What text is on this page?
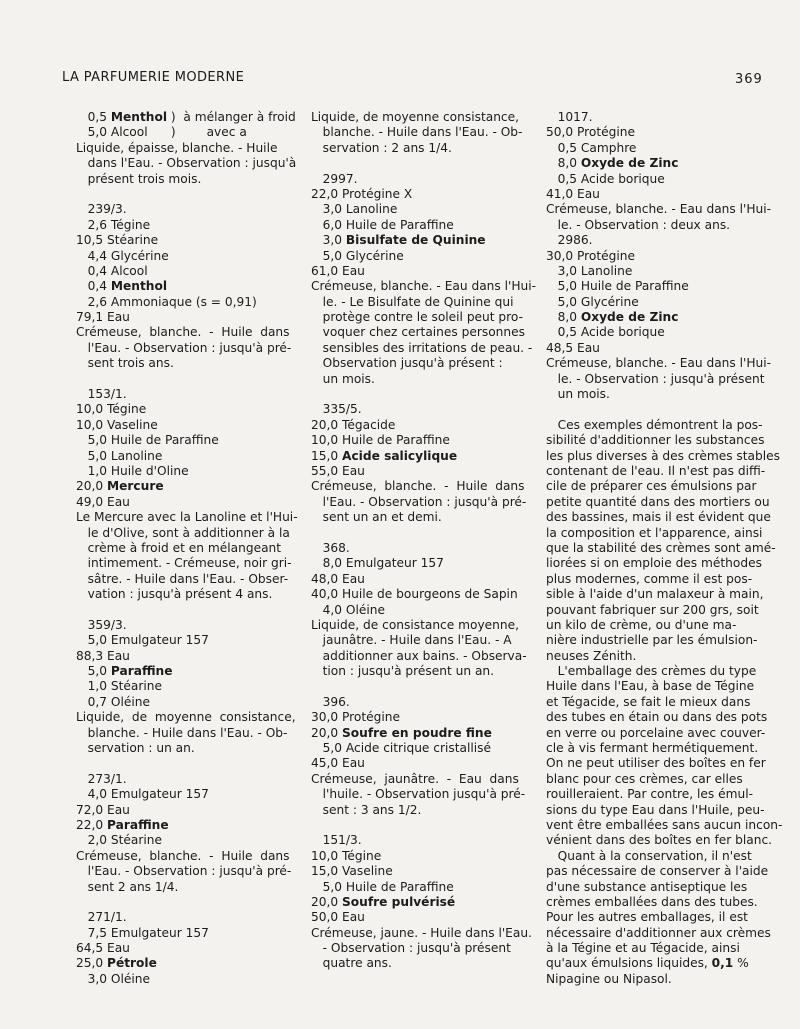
LA PARFUMERIE MODERNE	369
0,5 Menthol )  à mélanger à froid
5,0 Alcool      )        avec a
Liquide, épaisse, blanche. - Huile
dans l'Eau. - Observation : jusqu'à
présent trois mois.
239/3.
2,6 Tégine
10,5 Stéarine
4,4 Glycérine
0,4 Alcool
0,4 Menthol
2,6 Ammoniaque (s = 0,91)
79,1 Eau
Crémeuse,  blanche.  -  Huile  dans
l'Eau. - Observation : jusqu'à pré-
sent trois ans.
153/1.
10,0 Tégine
10,0 Vaseline
5,0 Huile de Paraffine
5,0 Lanoline
1,0 Huile d'Oline
20,0 Mercure
49,0 Eau
Le Mercure avec la Lanoline et l'Hui-
le d'Olive, sont à additionner à la
crème à froid et en mélangeant
intimement. - Crémeuse, noir gri-
sâtre. - Huile dans l'Eau. - Obser-
vation : jusqu'à présent 4 ans.
359/3.
5,0 Emulgateur 157
88,3 Eau
5,0 Paraffine
1,0 Stéarine
0,7 Oléine
Liquide,  de  moyenne  consistance,
blanche. - Huile dans l'Eau. - Ob-
servation : un an.
273/1.
4,0 Emulgateur 157
72,0 Eau
22,0 Paraffine
2,0 Stéarine
Crémeuse,  blanche.  -  Huile  dans
l'Eau. - Observation : jusqu'à pré-
sent 2 ans 1/4.
271/1.
7,5 Emulgateur 157
64,5 Eau
25,0 Pétrole
3,0 Oléine
Liquide, de moyenne consistance,
blanche. - Huile dans l'Eau. - Ob-
servation : 2 ans 1/4.
2997.
22,0 Protégine X
3,0 Lanoline
6,0 Huile de Paraffine
3,0 Bisulfate de Quinine
5,0 Glycérine
61,0 Eau
Crémeuse, blanche. - Eau dans l'Hui-
le. - Le Bisulfate de Quinine qui
protège contre le soleil peut pro-
voquer chez certaines personnes
sensibles des irritations de peau. -
Observation jusqu'à présent :
un mois.
335/5.
20,0 Tégacide
10,0 Huile de Paraffine
15,0 Acide salicylique
55,0 Eau
Crémeuse,  blanche.  -  Huile  dans
l'Eau. - Observation : jusqu'à pré-
sent un an et demi.
368.
8,0 Emulgateur 157
48,0 Eau
40,0 Huile de bourgeons de Sapin
4,0 Oléine
Liquide, de consistance moyenne,
jaunâtre. - Huile dans l'Eau. - A
additionner aux bains. - Observa-
tion : jusqu'à présent un an.
396.
30,0 Protégine
20,0 Soufre en poudre fine
5,0 Acide citrique cristallisé
45,0 Eau
Crémeuse,  jaunâtre.  -  Eau  dans
l'huile. - Observation jusqu'à pré-
sent : 3 ans 1/2.
151/3.
10,0 Tégine
15,0 Vaseline
5,0 Huile de Paraffine
20,0 Soufre pulvérisé
50,0 Eau
Crémeuse, jaune. - Huile dans l'Eau.
- Observation : jusqu'à présent
quatre ans.
1017.
50,0 Protégine
0,5 Camphre
8,0 Oxyde de Zinc
0,5 Acide borique
41,0 Eau
Crémeuse, blanche. - Eau dans l'Hui-
le. - Observation : deux ans.
2986.
30,0 Protégine
3,0 Lanoline
5,0 Huile de Paraffine
5,0 Glycérine
8,0 Oxyde de Zinc
0,5 Acide borique
48,5 Eau
Crémeuse, blanche. - Eau dans l'Hui-
le. - Observation : jusqu'à présent
un mois.
Ces exemples démontrent la pos-
sibilité d'additionner les substances
les plus diverses à des crèmes stables
contenant de l'eau. Il n'est pas diffi-
cile de préparer ces émulsions par
petite quantité dans des mortiers ou
des bassines, mais il est évident que
la composition et l'apparence, ainsi
que la stabilité des crèmes sont amé-
liorées si on emploie des méthodes
plus modernes, comme il est pos-
sible à l'aide d'un malaxeur à main,
pouvant fabriquer sur 200 grs, soit
un kilo de crème, ou d'une ma-
nière industrielle par les émulsion-
neuses Zénith.
L'emballage des crèmes du type
Huile dans l'Eau, à base de Tégine
et Tégacide, se fait le mieux dans
des tubes en étain ou dans des pots
en verre ou porcelaine avec couver-
cle à vis fermant hermétiquement.
On ne peut utiliser des boîtes en fer
blanc pour ces crèmes, car elles
rouilleraient. Par contre, les émul-
sions du type Eau dans l'Huile, peu-
vent être emballées sans aucun incon-
vénient dans des boîtes en fer blanc.
Quant à la conservation, il n'est
pas nécessaire de conserver à l'aide
d'une substance antiseptique les
crèmes emballées dans des tubes.
Pour les autres emballages, il est
nécessaire d'additionner aux crèmes
à la Tégine et au Tégacide, ainsi
qu'aux émulsions liquides, 0,1 %
Nipagine ou Nipasol.
